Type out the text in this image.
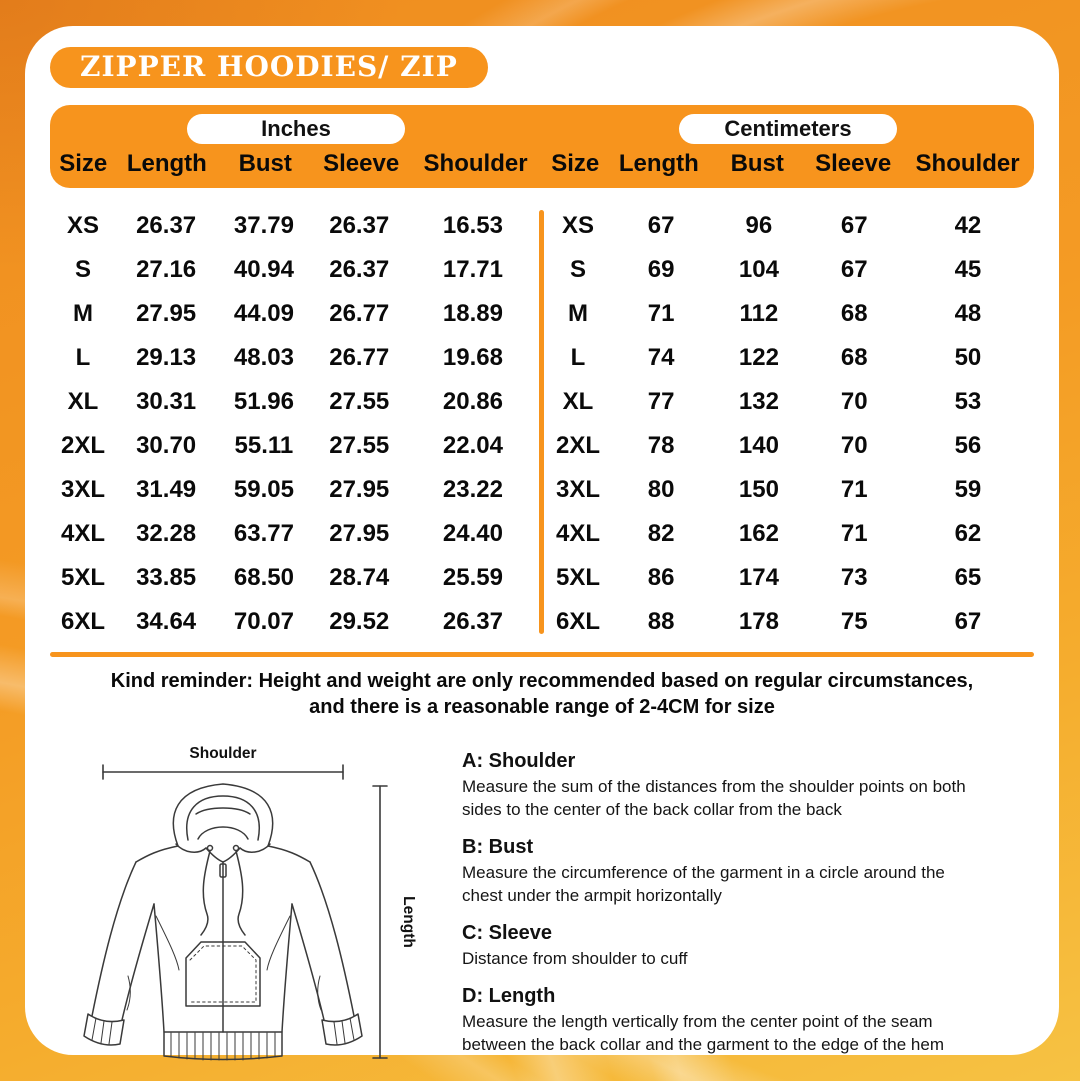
ZIPPER HOODIES/ ZIP
Inches
Size Length	Bust	Sleeve	Shoulder
Centimeters
Size Length	Bust	Sleeve	Shoulder
XS	26.37	37.79	26.37	16.53
S	27.16	40.94	26.37	17.71
M	27.95	44.09	26.77	18.89
L	29.13	48.03	26.77	19.68
XL	30.31	51.96	27.55	20.86
2XL	30.70	55.11	27.55	22.04
3XL	31.49	59.05	27.95	23.22
4XL	32.28	63.77	27.95	24.40
5XL	33.85	68.50	28.74	25.59
6XL	34.64	70.07	29.52	26.37
XS	67	96	67	42
S	69	104	67	45
M	71	112	68	48
L	74	122	68	50
XL	77	132	70	53
2XL	78	140	70	56
3XL	80	150	71	59
4XL	82	162	71	62
5XL	86	174	73	65
6XL	88	178	75	67
Kind reminder: Height and weight are only recommended based on regular circumstances,
and there is a reasonable range of 2-4CM for size
Shoulder
Length
A: Shoulder
Measure the sum of the distances from the shoulder points on both sides to the center of the back collar from the back
B: Bust
Measure the circumference of the garment in a circle around the chest under the armpit horizontally
C: Sleeve
Distance from shoulder to cuff
D: Length
Measure the length vertically from the center point of the seam between the back collar and the garment to the edge of the hem
